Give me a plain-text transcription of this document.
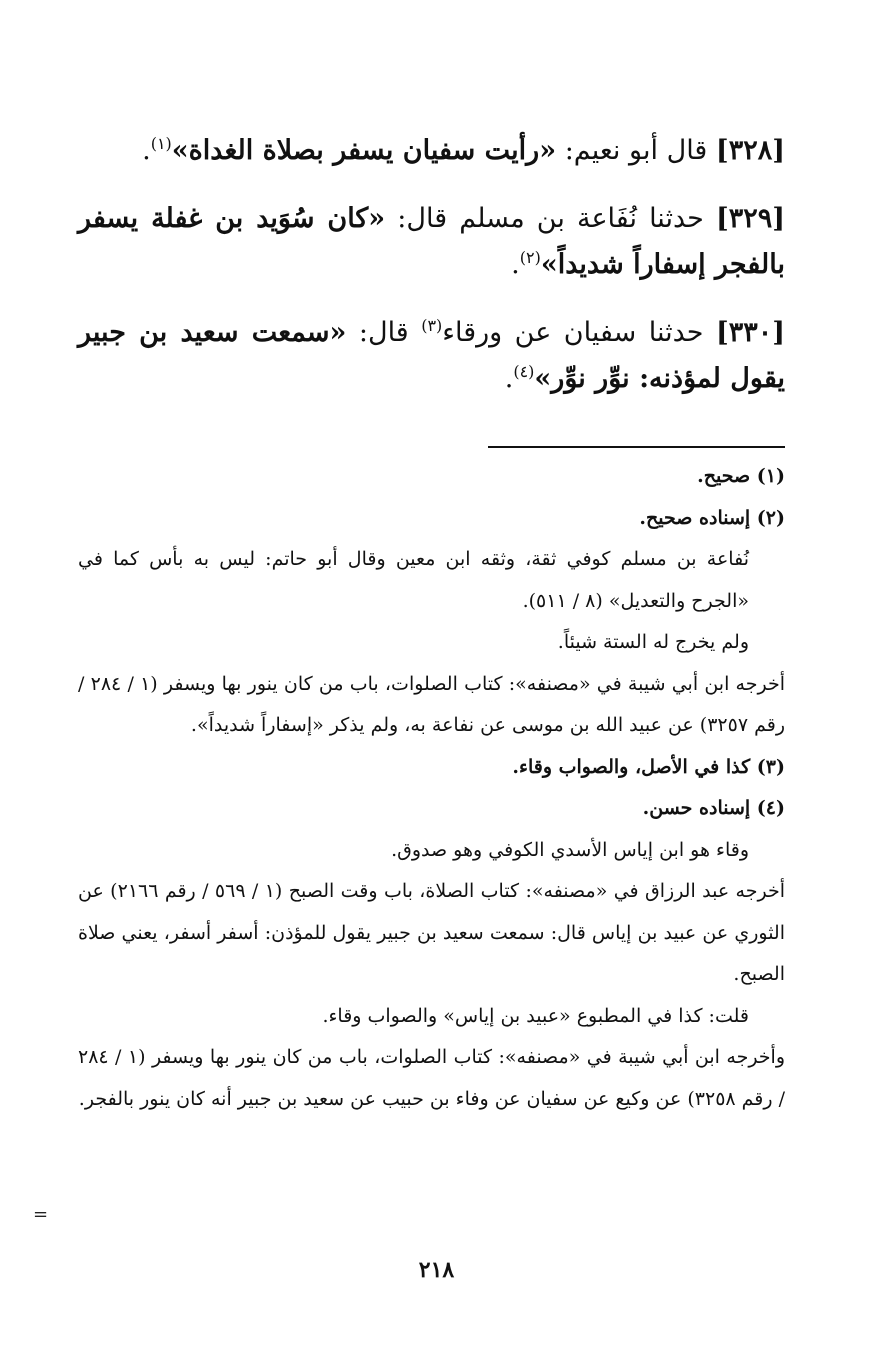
[٣٢٨] قال أبو نعيم: «رأيت سفيان يسفر بصلاة الغداة»$^{(١)}$.

[٣٢٩] حدثنا نُفَاعة بن مسلم قال: «كان سُوَيد بن غفلة يسفر بالفجر إسفاراً شديداً»$^{(٢)}$.

[٣٣٠] حدثنا سفيان عن ورقاء$^{(٣)}$ قال: «سمعت سعيد بن جبير يقول لمؤذنه: نوِّر نوِّر»$^{(٤)}$.

(١) صحيح.

(٢) إسناده صحيح.

نُفاعة بن مسلم كوفي ثقة، وثقه ابن معين وقال أبو حاتم: ليس به بأس كما في «الجرح والتعديل» (٨ / ٥١١).

ولم يخرج له الستة شيئاً.

أخرجه ابن أبي شيبة في «مصنفه»: كتاب الصلوات، باب من كان ينور بها ويسفر (١ / ٢٨٤ / رقم ٣٢٥٧) عن عبيد الله بن موسى عن نفاعة به، ولم يذكر «إسفاراً شديداً».

(٣) كذا في الأصل، والصواب وقاء.

(٤) إسناده حسن.

وقاء هو ابن إياس الأسدي الكوفي وهو صدوق.

أخرجه عبد الرزاق في «مصنفه»: كتاب الصلاة، باب وقت الصبح (١ / ٥٦٩ / رقم ٢١٦٦) عن الثوري عن عبيد بن إياس قال: سمعت سعيد بن جبير يقول للمؤذن: أسفر أسفر، يعني صلاة الصبح.

قلت: كذا في المطبوع «عبيد بن إياس» والصواب وقاء.

وأخرجه ابن أبي شيبة في «مصنفه»: كتاب الصلوات، باب من كان ينور بها ويسفر (١ / ٢٨٤ / رقم ٣٢٥٨) عن وكيع عن سفيان عن وفاء بن حبيب عن سعيد بن جبير أنه كان ينور بالفجر.

=
٢١٨
